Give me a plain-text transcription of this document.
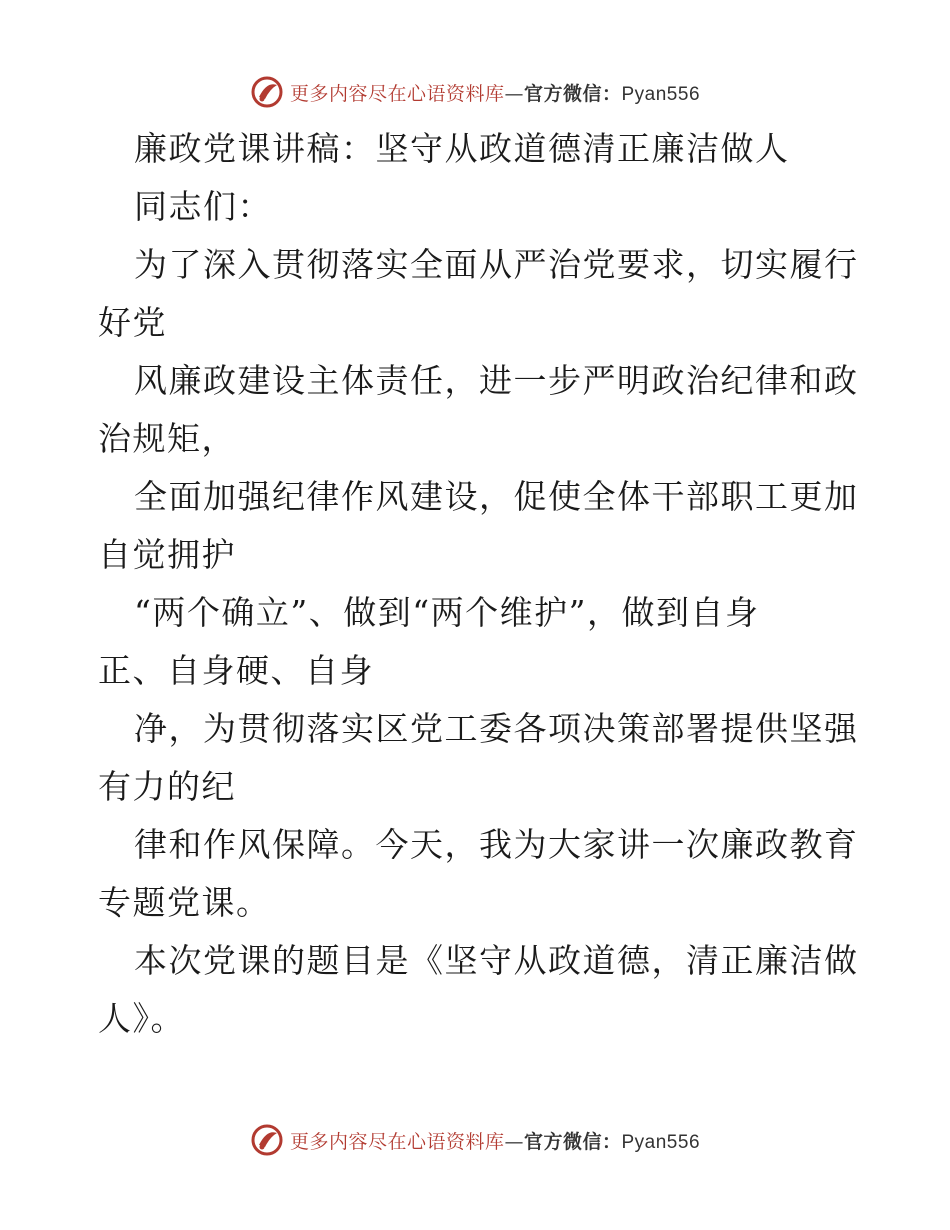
更多内容尽在心语资料库—官方微信：Pyan556
廉政党课讲稿：坚守从政道德清正廉洁做人
同志们：
为了深入贯彻落实全面从严治党要求，切实履行
好党
风廉政建设主体责任，进一步严明政治纪律和政
治规矩，
全面加强纪律作风建设，促使全体干部职工更加
自觉拥护
“两个确立”、做到“两个维护”，做到自身
正、自身硬、自身
净，为贯彻落实区党工委各项决策部署提供坚强
有力的纪
律和作风保障。今天，我为大家讲一次廉政教育
专题党课。
本次党课的题目是《坚守从政道德，清正廉洁做
人》。
更多内容尽在心语资料库—官方微信：Pyan556
